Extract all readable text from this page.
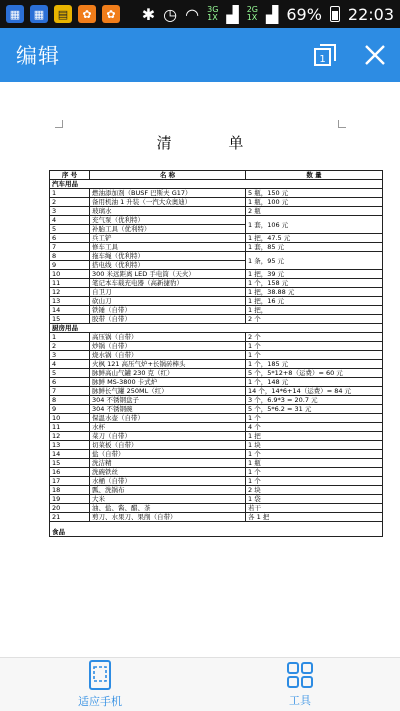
▦	▦	▤	✿	✿ ✱ ◷ ◠ 3G
1X ▟ 2G
1X ▟ 69% 22:03
编辑	1
清 单
序 号	名 称	数 量
汽车用品		
1	燃油添加剂（BUSF 巴斯夫 G17）	5 瓶，150 元
2	备用机油 1 升装（一汽大众奥迪）	1 瓶，100 元
3	玻璃水	2 瓶
4	充气泵（优利特）	1 套，106 元
5	补胎工具（优利特）	
6	兵工铲	1 把，47.5 元
7	修车工具	1 套，85 元
8	拖车绳（优利特）	1 条，95 元
9	搭电线（优利特）	
10	300 米远距离 LED 手电筒（天火）	1 把，39 元
11	笔记本车载充电器（高新捷豹）	1 个，158 元
12	自卫刀	1 把，38.88 元
13	砍山刀	1 把，16 元
14	铁锤（自带）	1 把，
15	胶带（自带）	2 个
厨房用品		
1	高压锅（自带）	2 个
2	炒锅（自带）	1 个
3	烧水锅（自带）	1 个
4	火枫 121 高压气炉+长锅砖棒头	1 个，185 元
5	脉鲜高山气罐 230 克（红）	5 个，5*12+8（运费）= 60 元
6	脉鲜 MS-3800 卡式炉	1 个，148 元
7	脉鲜长气罐 250ML（红）	14 个，14*6+14（运费）= 84 元
8	304 不锈钢盘子	3 个，6.9*3 = 20.7 元
9	304 不锈钢碗	5 个，5*6.2 = 31 元
10	保温水壶（自带）	1 个
11	水杯	4 个
12	菜刀（自带）	1 把
13	切菜板（自带）	1 块
14	盐（自带）	1 个
15	洗洁精	1 瓶
16	洗碗铁丝	1 个
17	水桶（自带）	1 个
18	瓢、洗锅布	2 块
19	大米	1 袋
20	油、盐、酱、醋、茶	若干
21	剪刀、水果刀、果削（自带）	各 1 把
食品		
适应手机	工具
